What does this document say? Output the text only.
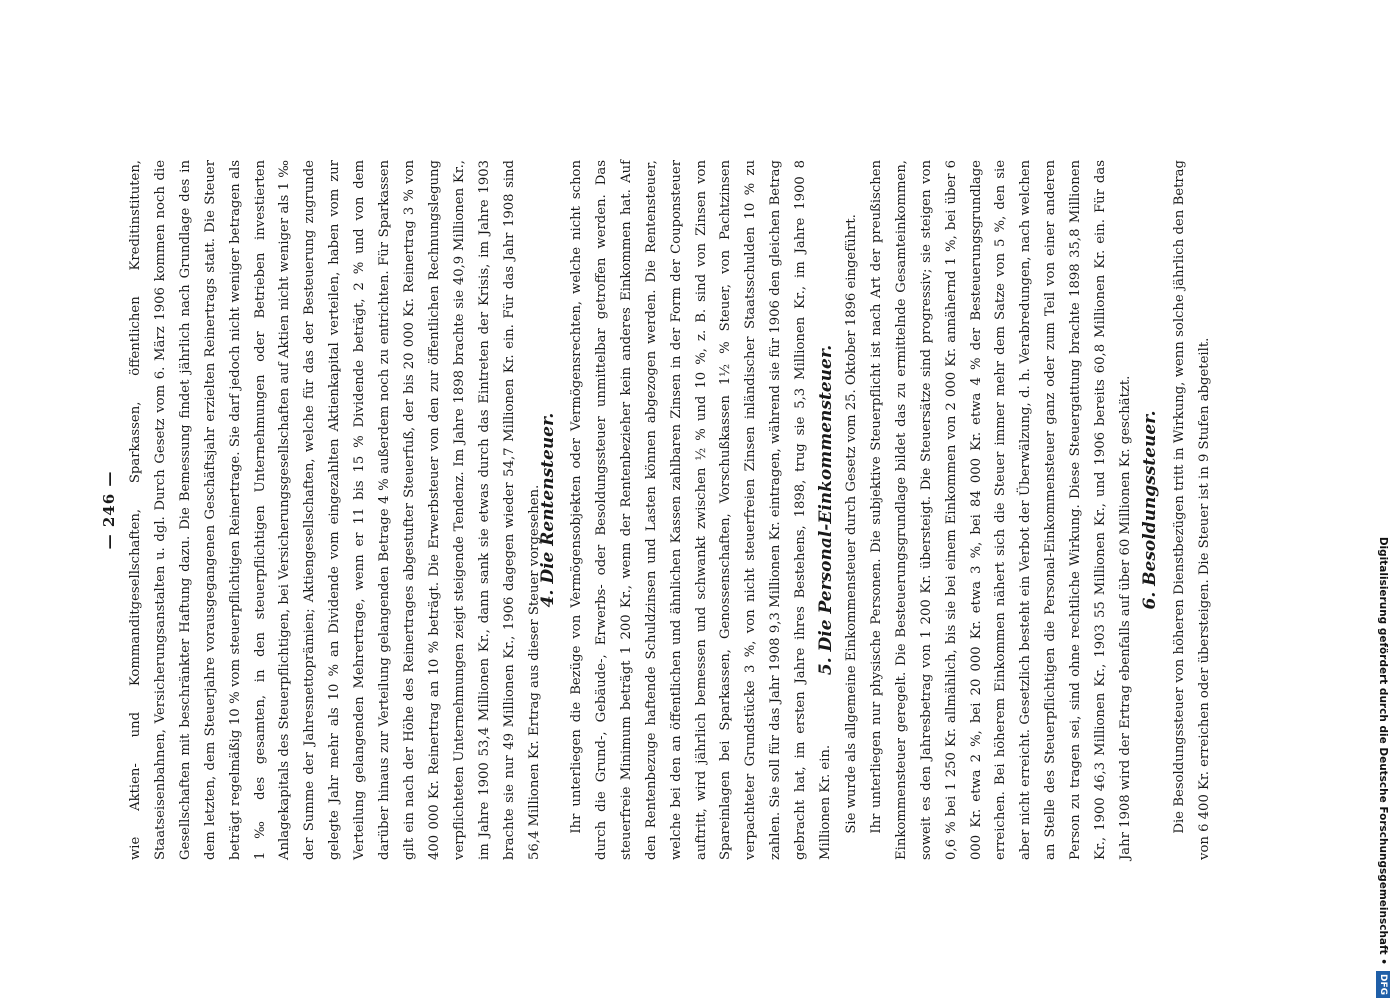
— 246 — wie Aktien- und Kommanditgesellschaften, Sparkassen, öffentlichen Kreditinstituten, Staatseisenbahnen, Versicherungsanstalten u. dgl. Durch Gesetz vom 6. März 1906 kommen noch die Gesellschaften mit beschränkter Haftung dazu. Die Bemessung findet jährlich nach Grundlage des in dem letzten, dem Steuerjahre vorausgegangenen Geschäftsjahr erzielten Reinertrags statt. Die Steuer beträgt regelmäßig 10 % vom steuerpflichtigen Reinertrage. Sie darf jedoch nicht weniger betragen als 1 ‰ des gesamten, in den steuerpflichtigen Unternehmungen oder Betrieben investierten Anlagekapitals des Steuerpflichtigen, bei Versicherungsgesellschaften auf Aktien nicht weniger als 1 ‰ der Summe der Jahresnettoprämien; Aktiengesellschaften, welche für das der Besteuerung zugrunde gelegte Jahr mehr als 10 % an Dividende vom eingezahlten Aktienkapital verteilen, haben vom zur Verteilung gelangenden Mehrertrage, wenn er 11 bis 15 % Dividende beträgt, 2 % und von dem darüber hinaus zur Verteilung gelangenden Betrage 4 % außerdem noch zu entrichten. Für Sparkassen gilt ein nach der Höhe des Reinertrages abgestufter Steuerfuß, der bis 20 000 Kr. Reinertrag 3 % von 400 000 Kr. Reinertrag an 10 % beträgt. Die Erwerbsteuer von den zur öffentlichen Rechnungslegung verpflichteten Unternehmungen zeigt steigende Tendenz. Im Jahre 1898 brachte sie 40,9 Millionen Kr., im Jahre 1900 53,4 Millionen Kr., dann sank sie etwas durch das Eintreten der Krisis, im Jahre 1903 brachte sie nur 49 Millionen Kr., 1906 dagegen wieder 54,7 Millionen Kr. ein. Für das Jahr 1908 sind 56,4 Millionen Kr. Ertrag aus dieser Steuer vorgesehen.

4. Die Rentensteuer. Ihr unterliegen die Bezüge von Vermögensobjekten oder Vermögensrechten, welche nicht schon durch die Grund-, Gebäude-, Erwerbs- oder Besoldungssteuer unmittelbar getroffen werden. Das steuerfreie Minimum beträgt 1 200 Kr., wenn der Rentenbezieher kein anderes Einkommen hat. Auf den Rentenbezuge haftende Schuldzinsen und Lasten können abgezogen werden. Die Rentensteuer, welche bei den an öffentlichen und ähnlichen Kassen zahlbaren Zinsen in der Form der Couponsteuer auftritt, wird jährlich bemessen und schwankt zwischen ½ % und 10 %, z. B. sind von Zinsen von Spareinlagen bei Sparkassen, Genossenschaften, Vorschußkassen 1½ % Steuer, von Pachtzinsen verpachteter Grundstücke 3 %, von nicht steuerfreien Zinsen inländischer Staatsschulden 10 % zu zahlen. Sie soll für das Jahr 1908 9,3 Millionen Kr. eintragen, während sie für 1906 den gleichen Betrag gebracht hat, im ersten Jahre ihres Bestehens, 1898, trug sie 5,3 Millionen Kr., im Jahre 1900 8 Millionen Kr. ein.

5. Die Personal-Einkommensteuer. Sie wurde als allgemeine Einkommensteuer durch Gesetz vom 25. Oktober 1896 eingeführt. Ihr unterliegen nur physische Personen. Die subjektive Steuerpflicht ist nach Art der preußischen Einkommensteuer geregelt. Die Besteuerungsgrundlage bildet das zu ermittelnde Gesamteinkommen, soweit es den Jahresbetrag von 1 200 Kr. übersteigt. Die Steuersätze sind progressiv; sie steigen von 0,6 % bei 1 250 Kr. allmählich, bis sie bei einem Einkommen von 2 000 Kr. annähernd 1 %, bei über 6 000 Kr. etwa 2 %, bei 20 000 Kr. etwa 3 %, bei 84 000 Kr. etwa 4 % der Besteuerungsgrundlage erreichen. Bei höherem Einkommen nähert sich die Steuer immer mehr dem Satze von 5 %, den sie aber nicht erreicht. Gesetzlich besteht ein Verbot der Überwälzung, d. h. Verabredungen, nach welchen an Stelle des Steuerpflichtigen die Personal-Einkommensteuer ganz oder zum Teil von einer anderen Person zu tragen sei, sind ohne rechtliche Wirkung. Diese Steuergattung brachte 1898 35,8 Millionen Kr., 1900 46,3 Millionen Kr., 1903 55 Millionen Kr., und 1906 bereits 60,8 Millionen Kr. ein. Für das Jahr 1908 wird der Ertrag ebenfalls auf über 60 Millionen Kr. geschätzt. 6. Besoldungssteuer. Die Besoldungssteuer von höheren Dienstbezügen tritt in Wirkung, wenn solche jährlich den Betrag von 6 400 Kr. erreichen oder übersteigen. Die Steuer ist in 9 Stufen abgeteilt.	Digitalisierung gefördert durch die Deutsche Forschungsgemeinschaft •
DFG
